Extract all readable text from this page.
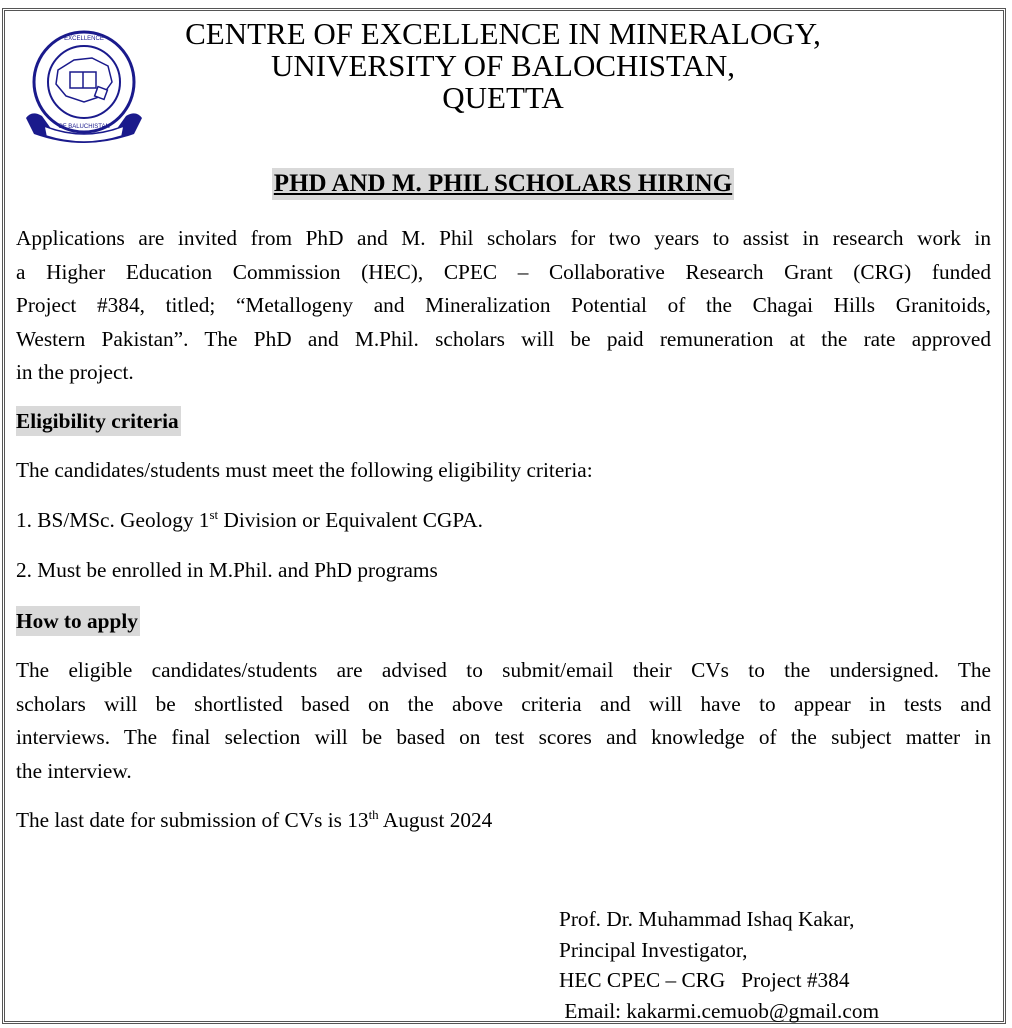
EXCELLENCE
OF BALUCHISTAN
CENTRE OF EXCELLENCE IN MINERALOGY,
UNIVERSITY OF BALOCHISTAN,
QUETTA
PHD AND M. PHIL SCHOLARS HIRING
Applications are invited from PhD and M. Phil scholars for two years to assist in research work in
a Higher Education Commission (HEC), CPEC – Collaborative Research Grant (CRG) funded
Project #384, titled; “Metallogeny and Mineralization Potential of the Chagai Hills Granitoids,
Western Pakistan”. The PhD and M.Phil. scholars will be paid remuneration at the rate approved
in the project.
Eligibility criteria
The candidates/students must meet the following eligibility criteria:
1. BS/MSc. Geology 1st Division or Equivalent CGPA.
2. Must be enrolled in M.Phil. and PhD programs
How to apply
The eligible candidates/students are advised to submit/email their CVs to the undersigned. The
scholars will be shortlisted based on the above criteria and will have to appear in tests and
interviews. The final selection will be based on test scores and knowledge of the subject matter in
the interview.
The last date for submission of CVs is 13th August 2024
Prof. Dr. Muhammad Ishaq Kakar,
Principal Investigator,
HEC CPEC – CRG   Project #384
Email: kakarmi.cemuob@gmail.com
